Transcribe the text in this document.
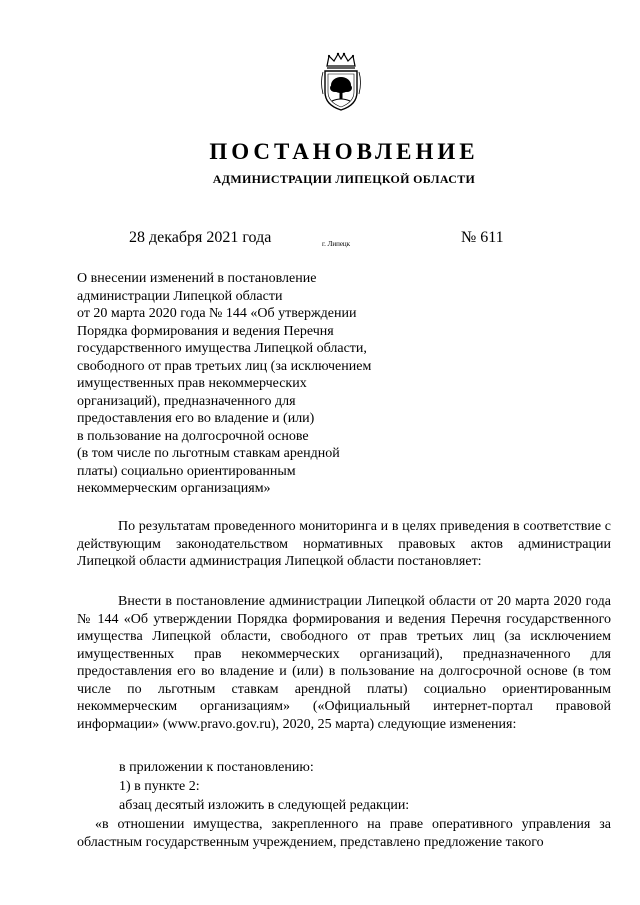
ПОСТАНОВЛЕНИЕ
АДМИНИСТРАЦИИ ЛИПЕЦКОЙ ОБЛАСТИ
28 декабря 2021 года	г. Липецк	№ 611
О внесении изменений в постановление
администрации Липецкой области
от 20 марта 2020 года № 144 «Об утверждении
Порядка формирования и ведения Перечня
государственного имущества Липецкой области,
свободного от прав третьих лиц (за исключением
имущественных прав некоммерческих
организаций), предназначенного для
предоставления его во владение и (или)
в пользование на долгосрочной основе
(в том числе по льготным ставкам арендной
платы) социально ориентированным
некоммерческим организациям»

По результатам проведенного мониторинга и в целях приведения в соответствие с действующим законодательством нормативных правовых актов администрации Липецкой области администрация Липецкой области постановляет:

Внести в постановление администрации Липецкой области от 20 марта 2020 года № 144 «Об утверждении Порядка формирования и ведения Перечня государственного имущества Липецкой области, свободного от прав третьих лиц (за исключением имущественных прав некоммерческих организаций), предназначенного для предоставления его во владение и (или) в пользование на долгосрочной основе (в том числе по льготным ставкам арендной платы) социально ориентированным некоммерческим организациям» («Официальный интернет-портал правовой информации» (www.pravo.gov.ru), 2020, 25 марта) следующие изменения:

в приложении к постановлению:
1) в пункте 2:
абзац десятый изложить в следующей редакции:

«в отношении имущества, закрепленного на праве оперативного управления за областным государственным учреждением, представлено предложение такого
